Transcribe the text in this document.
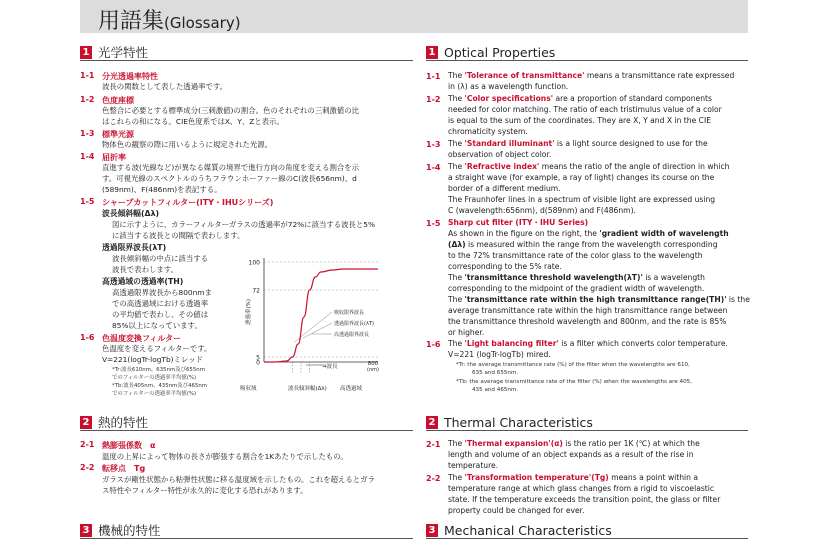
用語集(Glossary)
1 光学特性	1 Optical Properties
2 熱的特性	2 Thermal Characteristics
3 機械的特性	3 Mechanical Characteristics
1-1 分光透過率特性
波長の関数として表した透過率です。
1-2 色度座標
色整合に必要とする標準成分(三刺激値)の割合。色のそれぞれの三刺激値の比
はこれらの和になる。CIE色度系ではX、Y、Zと表示。
1-3 標準光源
物体色の観察の際に用いるように規定された光源。
1-4 屈折率
直進する波(光線など)が異なる媒質の境界で進行方向の角度を変える割合を示
す。可視光線のスペクトルのうちフラウンホーファー線のC(波長656nm)、d
(589nm)、F(486nm)を表記する。
1-5 シャープカットフィルター(ITY・IHUシリーズ)
波長傾斜幅(Δλ)
図に示すように、カラーフィルターガラスの透過率が72%に該当する波長と5%
に該当する波長との間隔で表わします。
透過限界波長(λT)
波長傾斜幅の中点に該当する
波長で表わします。
高透過域の透過率(TH)
高透過限界波長から800nmま
での高透過域における透過率
の平均値で表わし、その値は
85%以上になっています。
1-6 色温度変換フィルター
色温度を変えるフィルターです。
V=221(logTr-logTb)ミレッド
*Tr:波長610nm、635nm及び655nm
でのフィルターの透過率平均値(%)
*Tb:波長405nm、435nm及び465nm
でのフィルターの透過率平均値(%)
100
72
5
0
透過率(%)	吸収限界波長
透過限界波長(λT)
高透過限界波長
→波長	800
(nm)
吸収域	波長傾斜幅(Δλ) 高透過域
2-1 熱膨張係数　α
温度の上昇によって物体の長さが膨張する割合を1Kあたりで示したもの。
2-2 転移点　Tg
ガラスが剛性状態から粘弾性状態に移る温度域を示したもの。これを超えるとガラ
ス特性やフィルター特性が永久的に変化する恐れがあります。
1-1 The 'Tolerance of transmittance' means a transmittance rate expressed
in (λ) as a wavelength function.
1-2 The 'Color specifications' are a proportion of standard components
needed for color matching. The ratio of each tristimulus value of a color
is equal to the sum of the coordinates. They are X, Y and X in the CIE
chromaticity system.
1-3 The 'Standard illuminant' is a light source designed to use for the
observation of object color.
1-4 The 'Refractive index' means the ratio of the angle of direction in which
a straight wave (for example, a ray of light) changes its course on the
border of a different medium.
The Fraunhofer lines in a spectrum of visible light are expressed using
C (wavelength:656nm), d(589nm) and F(486nm).
1-5 Sharp cut filter (ITY・IHU Series)
As shown in the figure on the right, the 'gradient width of wavelength
(Δλ) is measured within the range from the wavelength corresponding
to the 72% transmittance rate of the color glass to the wavelength
corresponding to the 5% rate.
The 'transmittance threshold wavelength(λT)' is a wavelength
corresponding to the midpoint of the gradient width of wavelength.
The 'transmittance rate within the high transmittance range(TH)' is the
average transmittance rate within the high transmittance range between
the transmittance threshold wavelength and 800nm, and the rate is 85%
or higher.
1-6 The 'Light balancing filter' is a filter which converts color temperature.
V=221 (logTr-logTb) mired.
*Tr: the average transmittance rate (%) of the filter when the wavelengths are 610,
635 and 655nm.
*Tb: the average transmittance rate of the filter (%) when the wavelengths are 405,
435 and 465nm.
2-1 The 'Thermal expansion'(α) is the ratio per 1K (℃) at which the
length and volume of an object expands as a result of the rise in
temperature.
2-2 The 'Transformation temperature'(Tg) means a point within a
temperature range at which glass changes from a rigid to viscoelastic
state. If the temperature exceeds the transition point, the glass or filter
property could be changed for ever.
